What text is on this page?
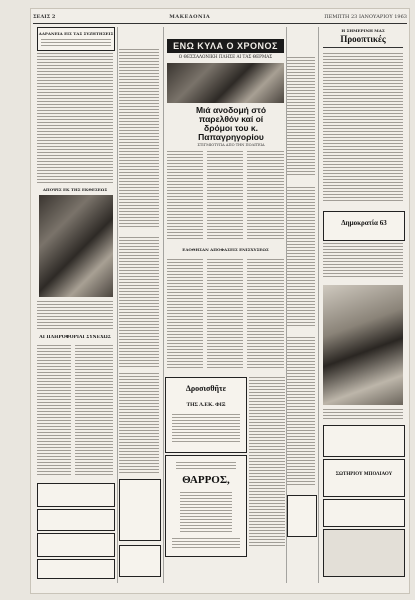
ΣΕΛΙΣ 2	ΜΑΚΕΔΟΝΙΑ	ΠΕΜΠΤΗ 23 ΙΑΝΟΥΑΡΙΟΥ 1963
ΑΔΡΑΝΕΙΑ ΕΙΣ ΤΑΣ ΣΥΖΗΤΗΣΕΙΣ
ΑΠΟΨΙΣ ΕΚ ΤΗΣ ΕΚΘΕΣΕΩΣ
ΑΙ ΠΛΗΡΟΦΟΡΙΑΙ ΣΥΝΕΧΩΣ
ΕΝΩ ΚΥΛΑ Ο ΧΡΟΝΟΣ
Ο ΘΕΣΣΑΛΟΝΙΚΗ ΠΛΗΣΕ ΑΙ ΤΑΣ ΘΕΡΜΑΣ
Μιά ανοδομή στό παρελθόν καί οί δρόμοι του κ. Παπαγρηγορίου
ΣΤΙΓΜΙΟΤΥΠΑ ΑΠΟ ΤΗΝ ΠΟΛΙΤΕΙΑ
ΕΔΟΘΗΣΑΝ ΑΠΟΦΑΣΕΙΣ ΕΝΙΣΧΥΣΕΩΣ
Δροσισθῆτε
ΤΗΣ Λ.ΕΚ. ΦΙΞ
ΘΑΡΡΟΣ,
Η ΣΗΜΕΡΙΝΗ ΜΑΣ
Προοπτικές
Δημοκρατία 63
ΣΩΤΗΡΙΟΥ ΜΠΟΛΙΑΟΥ
